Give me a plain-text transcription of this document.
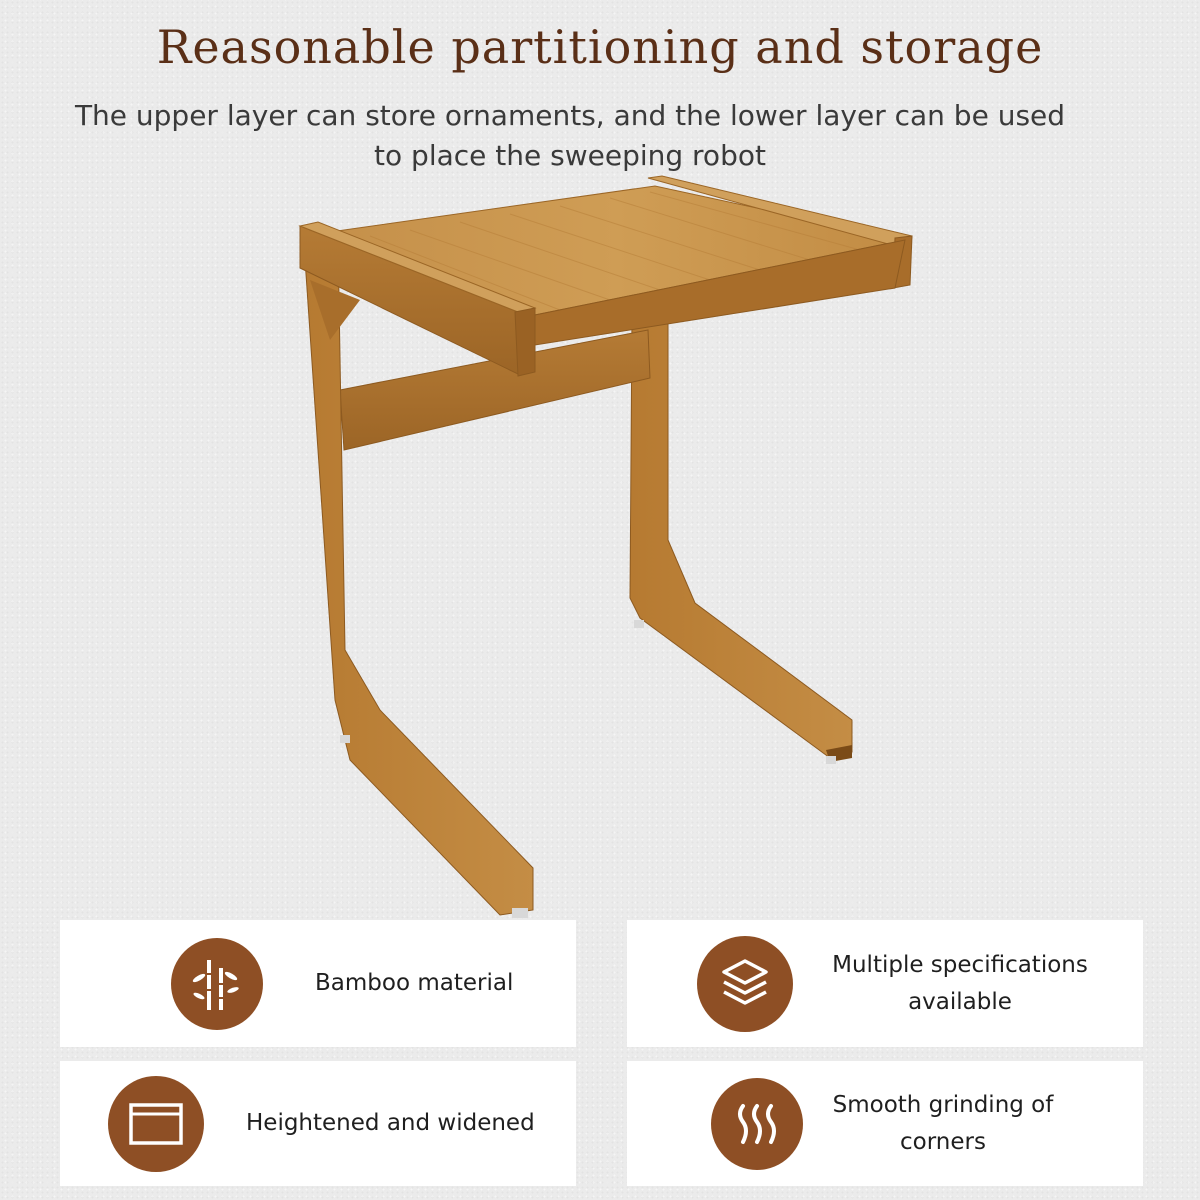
Reasonable partitioning and storage

The upper layer can store ornaments, and the lower layer can be used to place the sweeping robot

Bamboo material
Multiple specifications available
Heightened and widened
Smooth grinding of corners
